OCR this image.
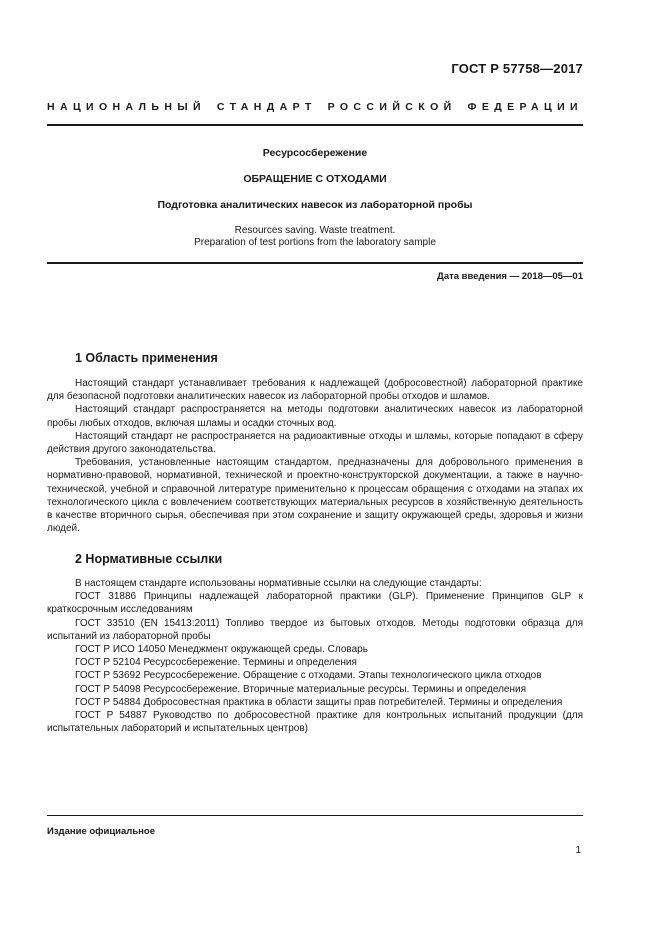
ГОСТ Р 57758—2017
НАЦИОНАЛЬНЫЙ СТАНДАРТ РОССИЙСКОЙ ФЕДЕРАЦИИ
Ресурсосбережение
ОБРАЩЕНИЕ С ОТХОДАМИ
Подготовка аналитических навесок из лабораторной пробы
Resources saving. Waste treatment.
Preparation of test portions from the laboratory sample
Дата введения — 2018—05—01
1 Область применения

Настоящий стандарт устанавливает требования к надлежащей (добросовестной) лабораторной практике для безопасной подготовки аналитических навесок из лабораторной пробы отходов и шламов.

Настоящий стандарт распространяется на методы подготовки аналитических навесок из лабораторной пробы любых отходов, включая шламы и осадки сточных вод.

Настоящий стандарт не распространяется на радиоактивные отходы и шламы, которые попадают в сферу действия другого законодательства.

Требования, установленные настоящим стандартом, предназначены для добровольного применения в нормативно-правовой, нормативной, технической и проектно-конструкторской документации, а также в научно-технической, учебной и справочной литературе применительно к процессам обращения с отходами на этапах их технологического цикла с вовлечением соответствующих материальных ресурсов в хозяйственную деятельность в качестве вторичного сырья, обеспечивая при этом сохранение и защиту окружающей среды, здоровья и жизни людей.

2 Нормативные ссылки

В настоящем стандарте использованы нормативные ссылки на следующие стандарты:

ГОСТ 31886 Принципы надлежащей лабораторной практики (GLP). Применение Принципов GLP к краткосрочным исследованиям

ГОСТ 33510 (EN 15413:2011) Топливо твердое из бытовых отходов. Методы подготовки образца для испытаний из лабораторной пробы

ГОСТ Р ИСО 14050 Менеджмент окружающей среды. Словарь

ГОСТ Р 52104 Ресурсосбережение. Термины и определения

ГОСТ Р 53692 Ресурсосбережение. Обращение с отходами. Этапы технологического цикла отходов

ГОСТ Р 54098 Ресурсосбережение. Вторичные материальные ресурсы. Термины и определения

ГОСТ Р 54884 Добросовестная практика в области защиты прав потребителей. Термины и определения

ГОСТ Р 54887 Руководство по добросовестной практике для контрольных испытаний продукции (для испытательных лабораторий и испытательных центров)

Издание официальное
1
